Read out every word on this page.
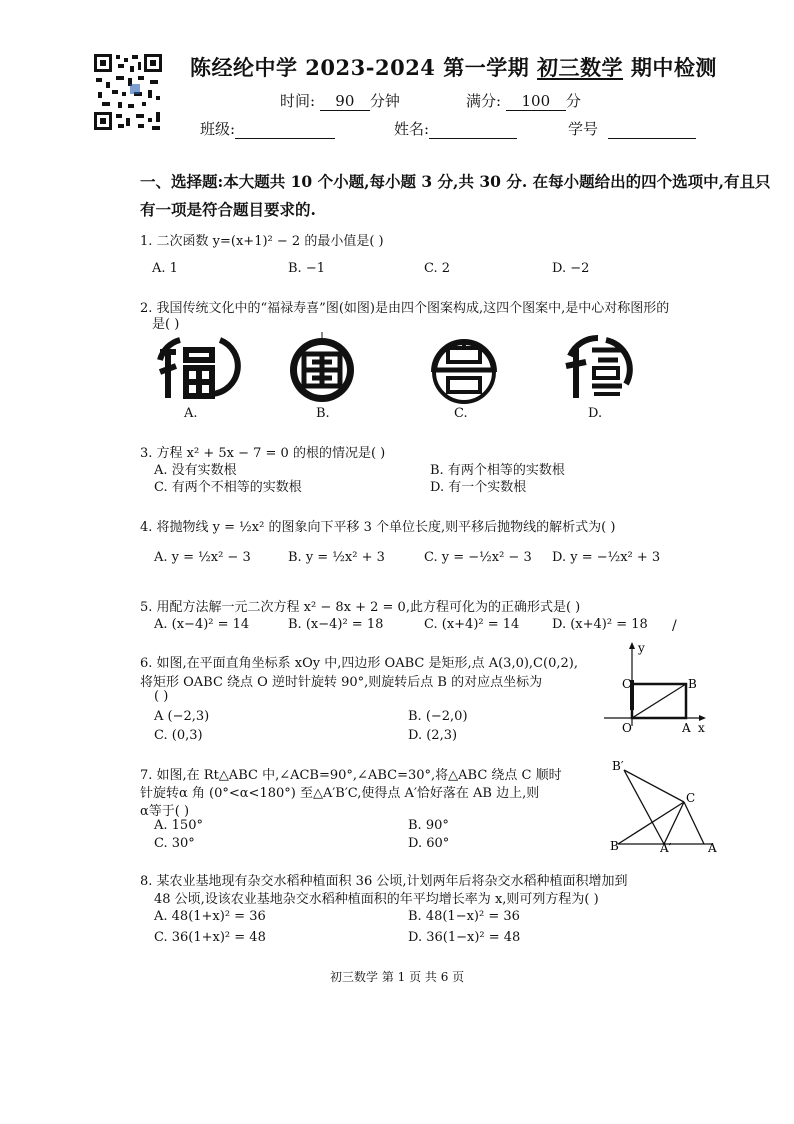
陈经纶中学 2023-2024 第一学期 初三数学 期中检测
时间: 90 分钟	满分: 100 分
班级:	姓名:	学号
一、选择题:本大题共 10 个小题,每小题 3 分,共 30 分. 在每小题给出的四个选项中,有且只有一项是符合题目要求的.
1. 二次函数 y=(x+1)² − 2 的最小值是( )
A. 1	B. −1	C. 2	D. −2
2. 我国传统文化中的“福禄寿喜”图(如图)是由四个图案构成,这四个图案中,是中心对称图形的
是( )
A.	B.	C.	D.
3. 方程 x² + 5x − 7 = 0 的根的情况是( )
A. 没有实数根	B. 有两个相等的实数根
C. 有两个不相等的实数根	D. 有一个实数根
4. 将抛物线 y = ½x² 的图象向下平移 3 个单位长度,则平移后抛物线的解析式为( )
A. y = ½x² − 3	B. y = ½x² + 3	C. y = −½x² − 3 D. y = −½x² + 3
5. 用配方法解一元二次方程 x² − 8x + 2 = 0,此方程可化为的正确形式是( )
A. (x−4)² = 14	B. (x−4)² = 18	C. (x+4)² = 14	D. (x+4)² = 18 /
6. 如图,在平面直角坐标系 xOy 中,四边形 OABC 是矩形,点 A(3,0),C(0,2),
将矩形 OABC 绕点 O 逆时针旋转 90°,则旋转后点 B 的对应点坐标为
( )
A (−2,3)	B. (−2,0)
C. (0,3)	D. (2,3)
y
C	B
O	A x
7. 如图,在 Rt△ABC 中,∠ACB=90°,∠ABC=30°,将△ABC 绕点 C 顺时
针旋转α 角 (0°<α<180°) 至△A′B′C,使得点 A′恰好落在 AB 边上,则
α等于( )
A. 150°	B. 90°
C. 30°	D. 60°
B′
C
B	A′	A
8. 某农业基地现有杂交水稻种植面积 36 公顷,计划两年后将杂交水稻种植面积增加到
48 公顷,设该农业基地杂交水稻种植面积的年平均增长率为 x,则可列方程为( )
A. 48(1+x)² = 36	B. 48(1−x)² = 36
C. 36(1+x)² = 48	D. 36(1−x)² = 48
初三数学 第 1 页 共 6 页
